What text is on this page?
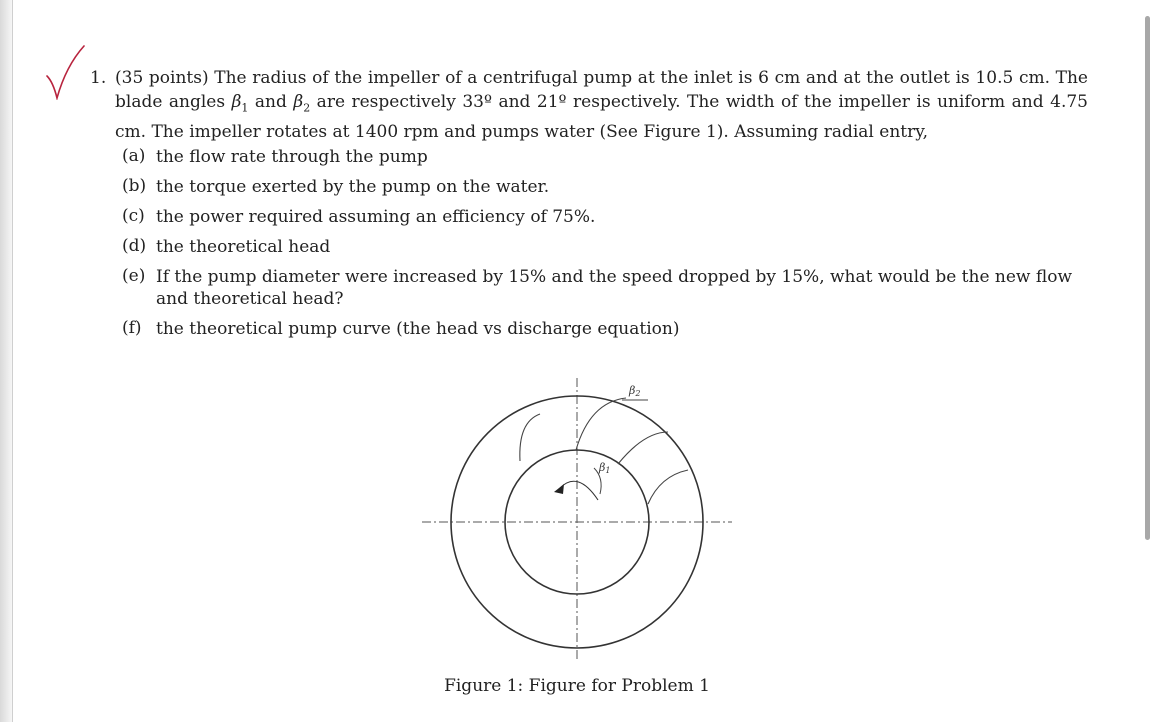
1. (35 points) The radius of the impeller of a centrifugal pump at the inlet is 6 cm and at the outlet is 10.5 cm. The blade angles $\beta_1$ and $\beta_2$ are respectively 33º and 21º respectively. The width of the impeller is uniform and 4.75 cm. The impeller rotates at 1400 rpm and pumps water (See Figure 1). Assuming radial entry,
(a) the flow rate through the pump
(b) the torque exerted by the pump on the water.
(c) the power required assuming an efficiency of 75%.
(d) the theoretical head
(e) If the pump diameter were increased by 15% and the speed dropped by 15%, what would be the new flow and theoretical head?
(f) the theoretical pump curve (the head vs discharge equation)
β2
β1
Figure 1: Figure for Problem 1
